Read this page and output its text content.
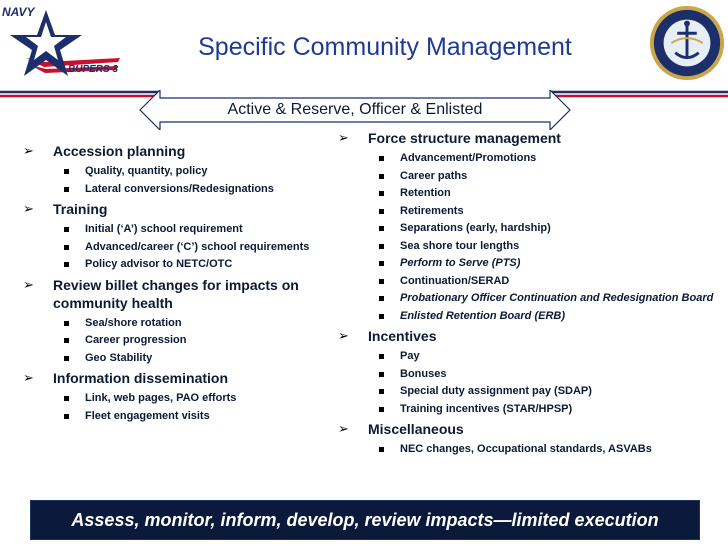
NAVY
BUPERS 3
Specific Community Management
Active & Reserve, Officer & Enlisted
➢ Accession planning
Quality, quantity, policy
Lateral conversions/Redesignations
➢ Training
Initial (‘A’) school requirement
Advanced/career (‘C’) school requirements
Policy advisor to NETC/OTC
➢ Review billet changes for impacts on community health
Sea/shore rotation
Career progression
Geo Stability
➢ Information dissemination
Link, web pages, PAO efforts
Fleet engagement visits
➢ Force structure management
Advancement/Promotions
Career paths
Retention
Retirements
Separations (early, hardship)
Sea shore tour lengths
Perform to Serve (PTS)
Continuation/SERAD
Probationary Officer Continuation and Redesignation Board
Enlisted Retention Board (ERB)
➢ Incentives
Pay
Bonuses
Special duty assignment pay (SDAP)
Training incentives (STAR/HPSP)
➢ Miscellaneous
NEC changes, Occupational standards, ASVABs
Assess, monitor, inform, develop, review impacts—limited execution
